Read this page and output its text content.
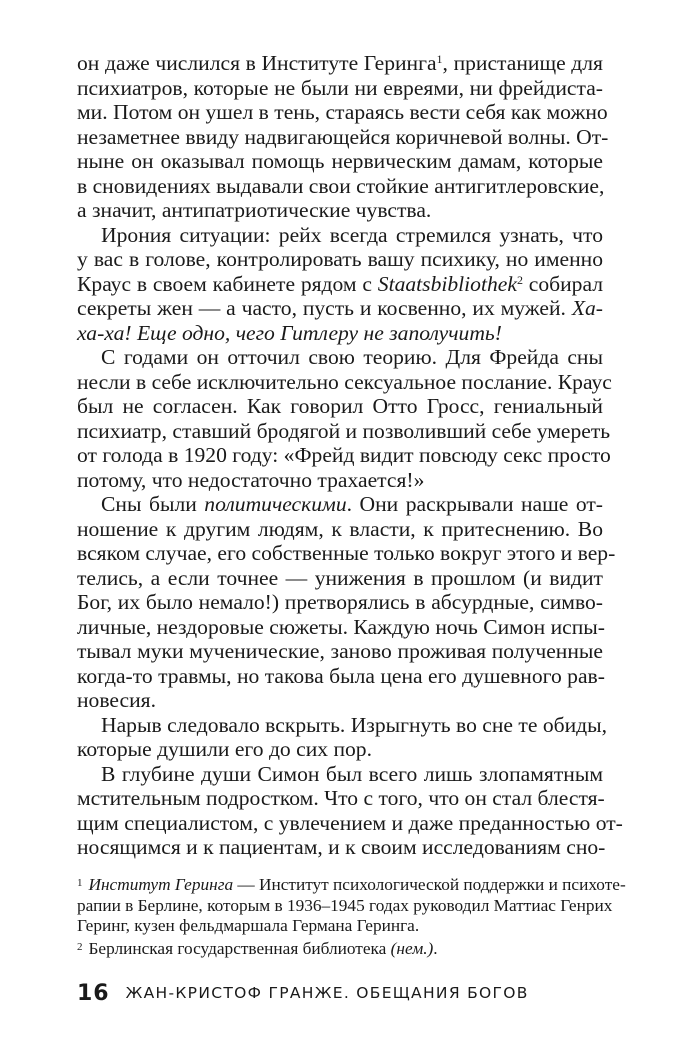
он даже числился в Институте Геринга$^1$, пристанище для
психиатров, которые не были ни евреями, ни фрейдиста-
ми. Потом он ушел в тень, стараясь вести себя как можно
незаметнее ввиду надвигающейся коричневой волны. От-
ныне он оказывал помощь нервическим дамам, которые
в сновидениях выдавали свои стойкие антигитлеровские,
а значит, антипатриотические чувства.

Ирония ситуации: рейх всегда стремился узнать, что
у вас в голове, контролировать вашу психику, но именно
Краус в своем кабинете рядом с Staatsbibliothek$^2$ собирал
секреты жен — а часто, пусть и косвенно, их мужей. Ха-
ха-ха! Еще одно, чего Гитлеру не заполучить!

С годами он отточил свою теорию. Для Фрейда сны
несли в себе исключительно сексуальное послание. Краус
был не согласен. Как говорил Отто Гросс, гениальный
психиатр, ставший бродягой и позволивший себе умереть
от голода в 1920 году: «Фрейд видит повсюду секс просто
потому, что недостаточно трахается!»

Сны были политическими. Они раскрывали наше от-
ношение к другим людям, к власти, к притеснению. Во
всяком случае, его собственные только вокруг этого и вер-
телись, а если точнее — унижения в прошлом (и видит
Бог, их было немало!) претворялись в абсурдные, симво-
личные, нездоровые сюжеты. Каждую ночь Симон испы-
тывал муки мученические, заново проживая полученные
когда-то травмы, но такова была цена его душевного рав-
новесия.

Нарыв следовало вскрыть. Изрыгнуть во сне те обиды,
которые душили его до сих пор.

В глубине души Симон был всего лишь злопамятным
мстительным подростком. Что с того, что он стал блестя-
щим специалистом, с увлечением и даже преданностью от-
носящимся и к пациентам, и к своим исследованиям сно-

$^1$ Институт Геринга — Институт психологической поддержки и психоте-
рапии в Берлине, которым в 1936–1945 годах руководил Маттиас Генрих
Геринг, кузен фельдмаршала Германа Геринга.
$^2$ Берлинская государственная библиотека (нем.).
16 ЖАН-КРИСТОФ ГРАНЖЕ. ОБЕЩАНИЯ БОГОВ
